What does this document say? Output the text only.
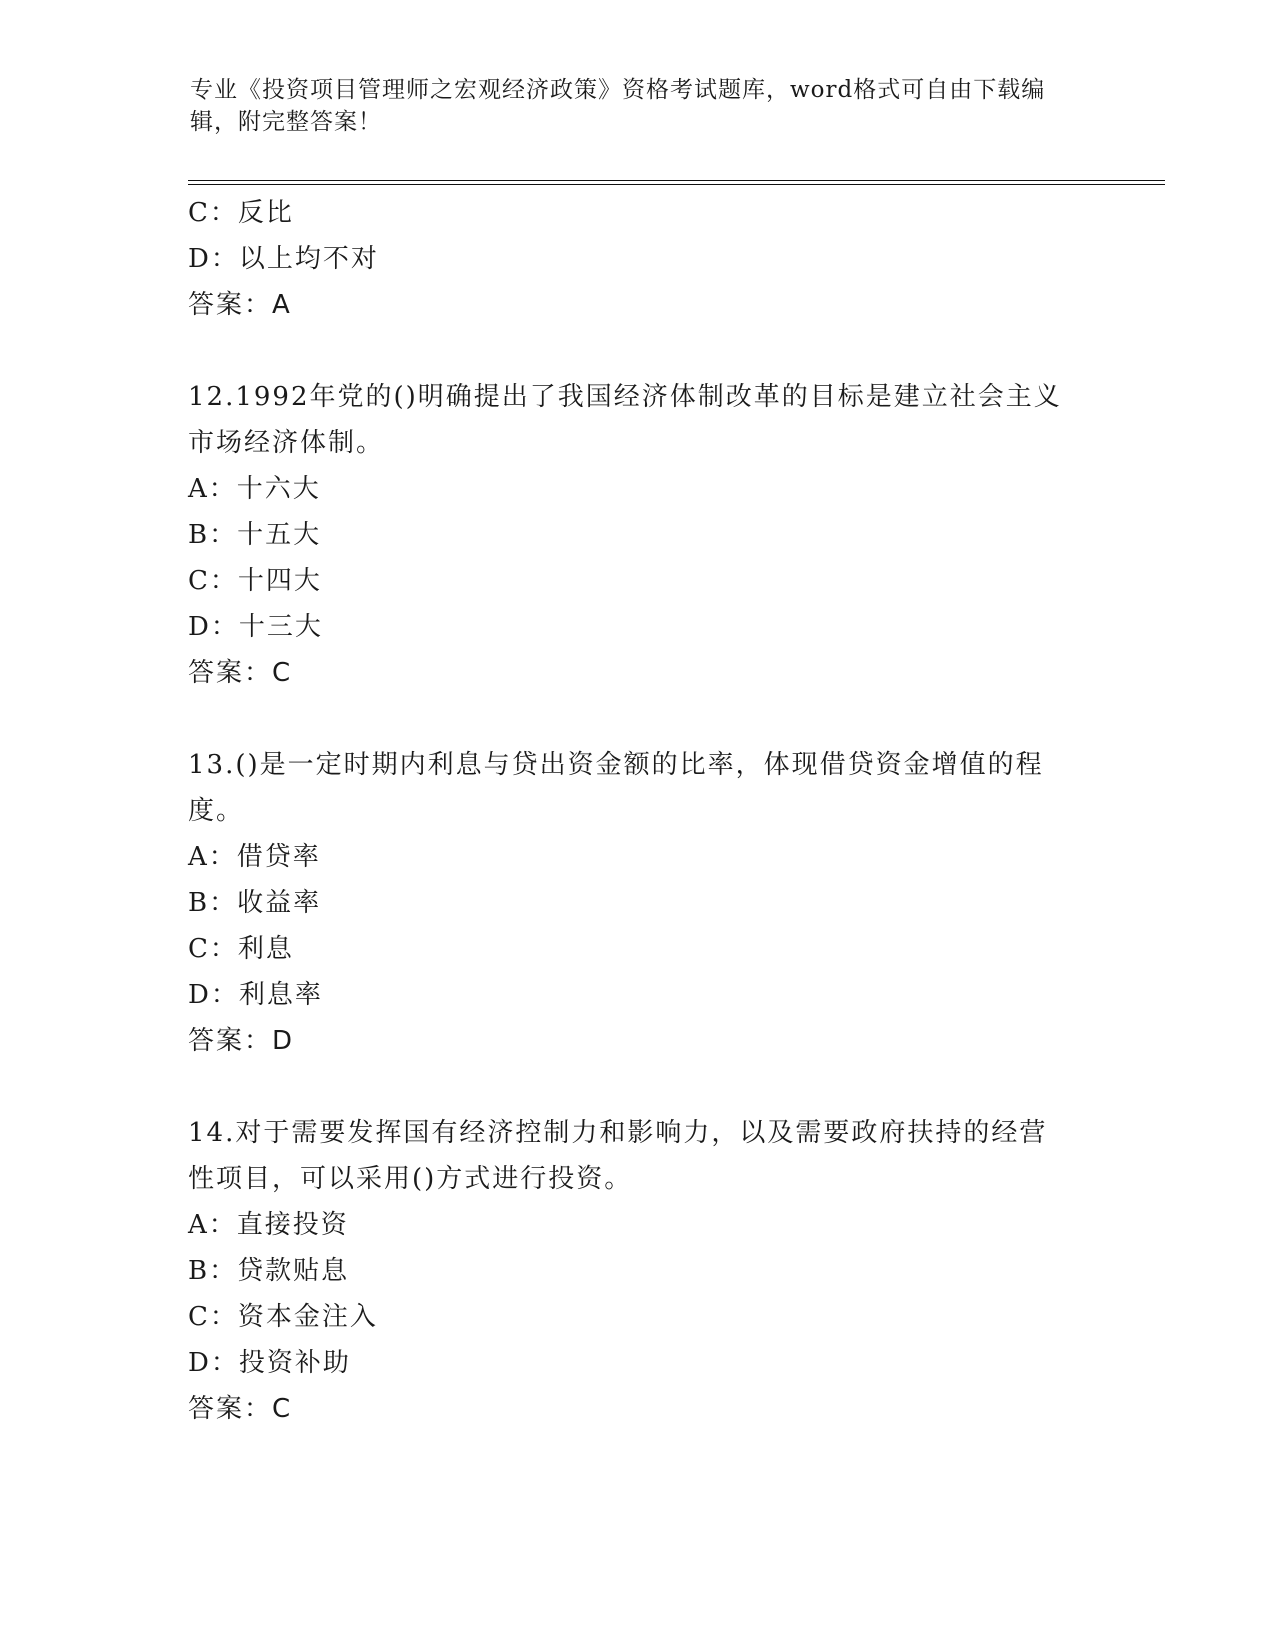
专业《投资项目管理师之宏观经济政策》资格考试题库，word格式可自由下载编辑，附完整答案！
C：反比
D：以上均不对
答案：A
12.1992年党的()明确提出了我国经济体制改革的目标是建立社会主义
市场经济体制。
A：十六大
B：十五大
C：十四大
D：十三大
答案：C
13.()是一定时期内利息与贷出资金额的比率，体现借贷资金增值的程
度。
A：借贷率
B：收益率
C：利息
D：利息率
答案：D
14.对于需要发挥国有经济控制力和影响力，以及需要政府扶持的经营
性项目，可以采用()方式进行投资。
A：直接投资
B：贷款贴息
C：资本金注入
D：投资补助
答案：C
